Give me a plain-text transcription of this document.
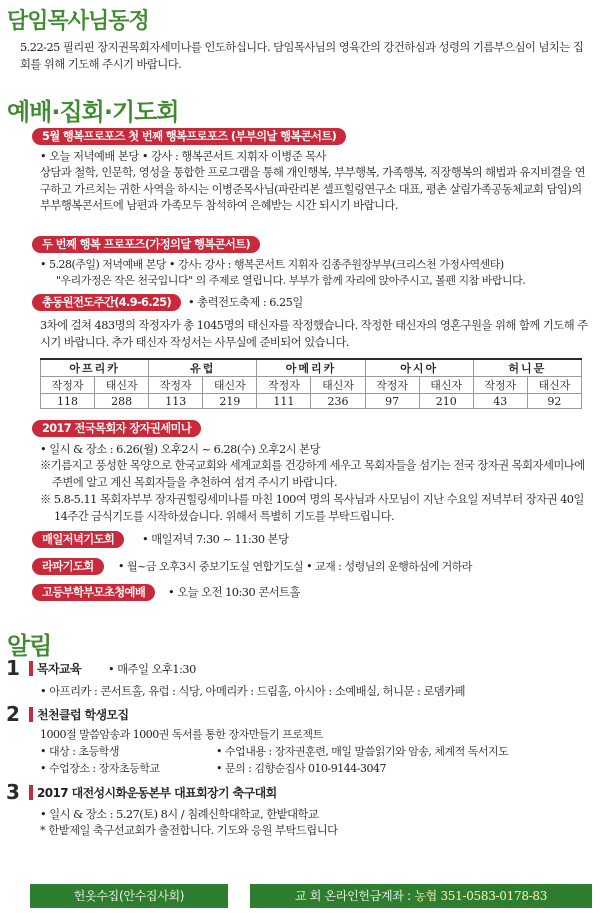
담임목사님동정
5.22-25 필리핀 장지권목회자세미나를 인도하십니다. 담임목사님의 영육간의 강건하심과 성령의 기름부으심이 넘치는 집회를 위해 기도해 주시기 바랍니다.
예배·집회·기도회
5월 행복프로포즈 첫 번째 행복프로포즈 (부부의날 행복콘서트)
• 오늘 저녁예배 본당 • 강사 : 행복콘서트 지휘자 이병준 목사
상담과 철학, 인문학, 영성을 통합한 프로그램을 통해 개인행복, 부부행복, 가족행복, 직장행복의 해법과 유지비결을 연구하고 가르치는 귀한 사역을 하시는 이병준목사님(파란리본 셀프힐링연구소 대표, 평촌 살림가족공동체교회 담임)의 부부행복콘서트에 남편과 가족모두 참석하여 은혜받는 시간 되시기 바랍니다.
두 번째 행복 프로포즈(가정의달 행복콘서트)
• 5.28(주일) 저녁예배 본당 • 강사: 강사 : 행복콘서트 지휘자 김종주원장부부(크리스천 가정사역센타)
"우리가정은 작은 천국입니다" 의 주제로 열립니다. 부부가 함께 자리에 앉아주시고, 볼펜 지참 바랍니다.
총동원전도주간(4.9-6.25)	• 총력전도축제 : 6.25일
3차에 걸쳐 483명의 작정자가 총 1045명의 태신자를 작정했습니다. 작정한 태신자의 영혼구원을 위해 함께 기도해 주시기 바랍니다. 추가 태신자 작성서는 사무실에 준비되어 있습니다.
아프리카		유럽		아메리카		아시아		허니문	
작정자	태신자	작정자	태신자	작정자	태신자	작정자	태신자	작정자	태신자
118	288	113	219	111	236	97	210	43	92
2017 전국목회자 장자권세미나
• 일시 & 장소 : 6.26(월) 오후2시 ~ 6.28(수) 오후2시 본당
※기름지고 풍성한 목양으로 한국교회와 세계교회를 건강하게 세우고 목회자들을 섬기는 전국 장자권 목회자세미나에 주변에 알고 계신 목회자들을 추천하여 섬겨 주시기 바랍니다.
※ 5.8-5.11 목회자부부 장자권힐링세미나를 마친 100여 명의 목사님과 사모님이 지난 수요일 저녁부터 장자권 40일 14주간 금식기도를 시작하셨습니다. 위해서 특별히 기도를 부탁드립니다.
매일저녁기도회	• 매일저녁 7:30 ~ 11:30 본당
라파기도회	• 월~금 오후3시 중보기도실 연합기도실 • 교재 : 성령님의 운행하심에 거하라
고등부학부모초청예배	• 오늘 오전 10:30 콘서트홀
알림
1 목자교육 • 매주일 오후1:30
• 아프리카 : 콘서트홀, 유럽 : 식당, 아메리카 : 드림홀, 아시아 : 소예배실, 허니문 : 로뎀카페
2 천천클럽 학생모집
1000절 말씀암송과 1000권 독서를 통한 장자만들기 프로젝트
• 대상 : 초등학생	• 수업내용 : 장자권훈련, 매일 말씀읽기와 암송, 체계적 독서지도
• 수업장소 : 장자초등학교	• 문의 : 김향순집사 010-9144-3047
3 2017 대전성시화운동본부 대표회장기 축구대회
• 일시 & 장소 : 5.27(토) 8시 / 침례신학대학교, 한밭대학교
* 한밭제일 축구선교회가 출전합니다. 기도와 응원 부탁드립니다
헌옷수집(안수집사회)	교 회 온라인헌금계좌 : 농협 351-0583-0178-83
